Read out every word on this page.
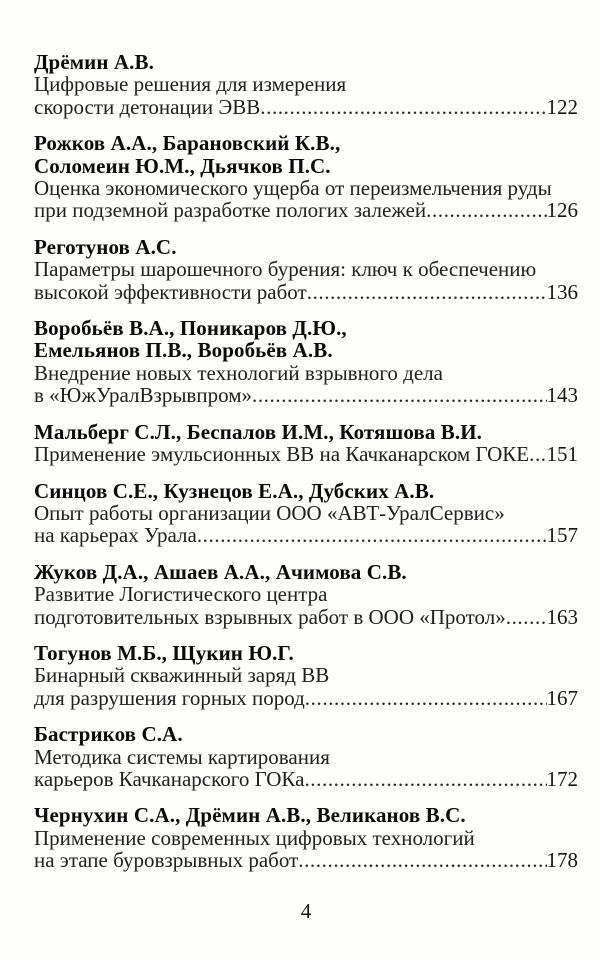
Дрёмин А.В.
Цифровые решения для измерения
скорости детонации ЭВВ .....	122
Рожков А.А., Барановский К.В.,
Соломеин Ю.М., Дьячков П.С.
Оценка экономического ущерба от переизмельчения руды
при подземной разработке пологих залежей .....	126
Реготунов А.С.
Параметры шарошечного бурения: ключ к обеспечению
высокой эффективности работ .....	136
Воробьёв В.А., Поникаров Д.Ю.,
Емельянов П.В., Воробьёв А.В.
Внедрение новых технологий взрывного дела
в «ЮжУралВзрывпром» .....	143
Мальберг С.Л., Беспалов И.М., Котяшова В.И.
Применение эмульсионных ВВ на Качканарском ГОКЕ ..... 151
Синцов С.Е., Кузнецов Е.А., Дубских А.В.
Опыт работы организации ООО «АВТ-УралСервис»
на карьерах Урала .....	157
Жуков Д.А., Ашаев А.А., Ачимова С.В.
Развитие Логистического центра
подготовительных взрывных работ в ООО «Протол» ..... 163
Тогунов М.Б., Щукин Ю.Г.
Бинарный скважинный заряд ВВ
для разрушения горных пород .....	167
Бастриков С.А.
Методика системы картирования
карьеров Качканарского ГОКа .....	172
Чернухин С.А., Дрёмин А.В., Великанов В.С.
Применение современных цифровых технологий
на этапе буровзрывных работ .....	178
4
